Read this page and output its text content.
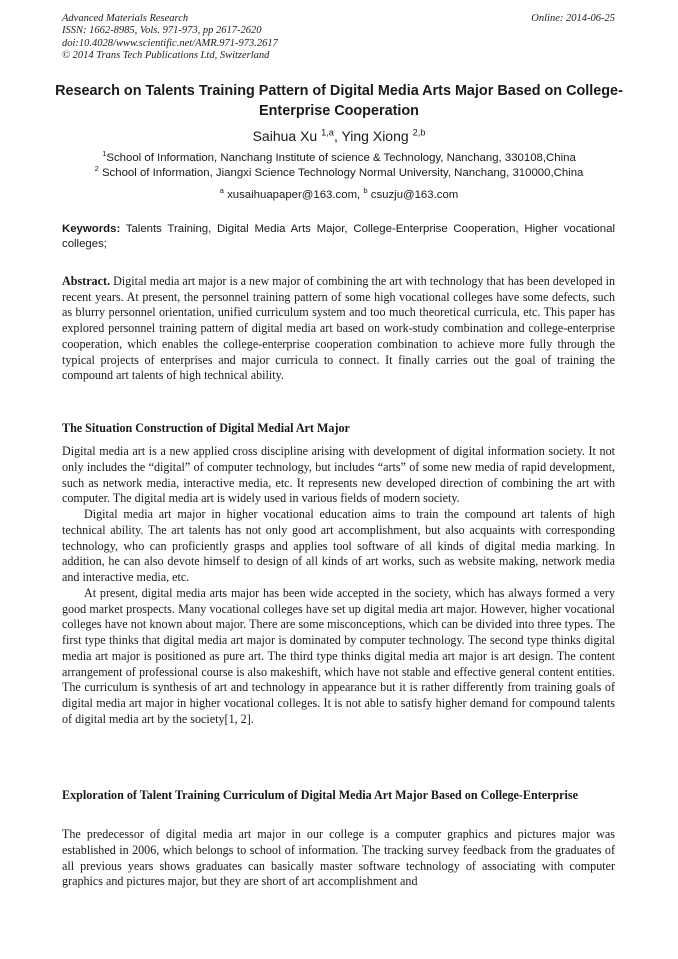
Advanced Materials Research
ISSN: 1662-8985, Vols. 971-973, pp 2617-2620
doi:10.4028/www.scientific.net/AMR.971-973.2617
© 2014 Trans Tech Publications Ltd, Switzerland
Online: 2014-06-25
Research on Talents Training Pattern of Digital Media Arts Major Based on College-Enterprise Cooperation
Saihua Xu $^{1,a}$, Ying Xiong $^{2,b}$
$^1$School of Information, Nanchang Institute of science & Technology, Nanchang, 330108,China
$^2$ School of Information, Jiangxi Science Technology Normal University, Nanchang, 310000,China
$^a$ xusaihuapaper@163.com, $^b$ csuzju@163.com
Keywords: Talents Training, Digital Media Arts Major, College-Enterprise Cooperation, Higher vocational colleges;
Abstract. Digital media art major is a new major of combining the art with technology that has been developed in recent years. At present, the personnel training pattern of some high vocational colleges have some defects, such as blurry personnel orientation, unified curriculum system and too much theoretical curricula, etc. This paper has explored personnel training pattern of digital media art based on work-study combination and college-enterprise cooperation, which enables the college-enterprise cooperation combination to achieve more fully through the typical projects of enterprises and major curricula to connect. It finally carries out the goal of training the compound art talents of high technical ability.
The Situation Construction of Digital Medial Art Major

Digital media art is a new applied cross discipline arising with development of digital information society. It not only includes the “digital” of computer technology, but includes “arts” of some new media of rapid development, such as network media, interactive media, etc. It represents new developed direction of combining the art with computer. The digital media art is widely used in various fields of modern society.

Digital media art major in higher vocational education aims to train the compound art talents of high technical ability. The art talents has not only good art accomplishment, but also acquaints with corresponding technology, who can proficiently grasps and applies tool software of all kinds of digital media marking. In addition, he can also devote himself to design of all kinds of art works, such as website making, network media and interactive media, etc.

At present, digital media arts major has been wide accepted in the society, which has always formed a very good market prospects. Many vocational colleges have set up digital media art major. However, higher vocational colleges have not known about major. There are some misconceptions, which can be divided into three types. The first type thinks that digital media art major is dominated by computer technology. The second type thinks digital media art major is positioned as pure art. The third type thinks digital media art major is art design. The content arrangement of professional course is also makeshift, which have not stable and effective general content entities. The curriculum is synthesis of art and technology in appearance but it is rather differently from training goals of digital media art major in higher vocational colleges. It is not able to satisfy higher demand for compound talents of digital media art by the society[1, 2].

Exploration of Talent Training Curriculum of Digital Media Art Major Based on College-Enterprise

The predecessor of digital media art major in our college is a computer graphics and pictures major was established in 2006, which belongs to school of information. The tracking survey feedback from the graduates of all previous years shows graduates can basically master software technology of associating with computer graphics and pictures major, but they are short of art accomplishment and
